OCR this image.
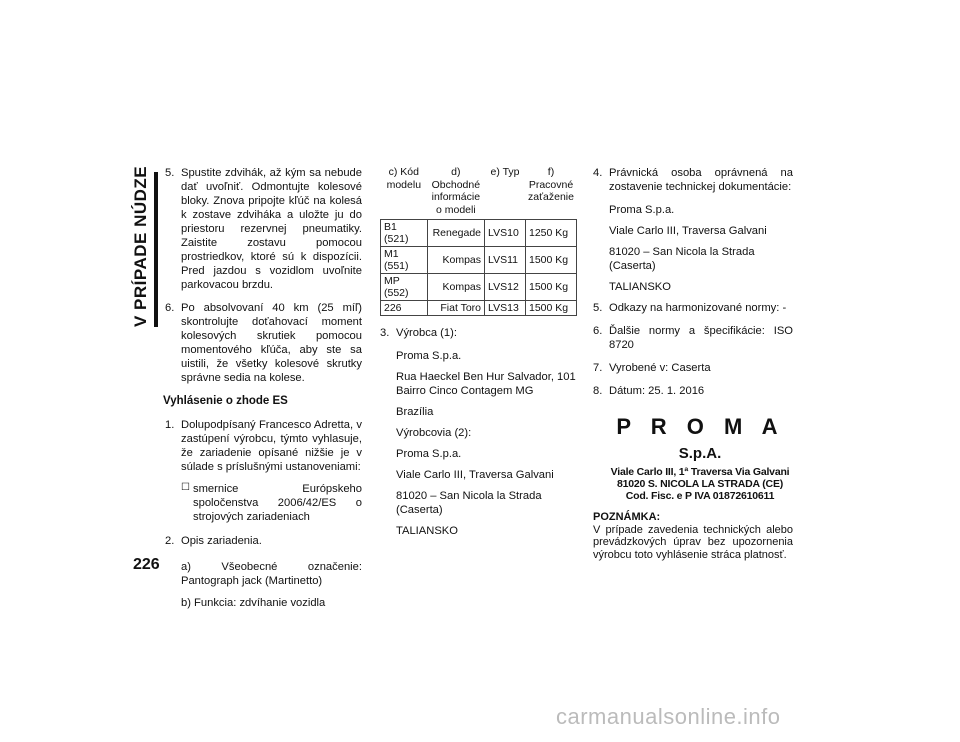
V PRÍPADE NÚDZE
226
5. Spustite zdvihák, až kým sa nebude dať uvoľniť. Odmontujte kolesové bloky. Znova pripojte kľúč na kolesá k zostave zdviháka a uložte ju do priestoru rezervnej pneumatiky. Zaistite zostavu pomocou prostriedkov, ktoré sú k dispozícii. Pred jazdou s vozidlom uvoľnite parkovacou brzdu.
6. Po absolvovaní 40 km (25 míľ) skontrolujte doťahovací moment kolesových skrutiek pomocou momentového kľúča, aby ste sa uistili, že všetky kolesové skrutky správne sedia na kolese.
Vyhlásenie o zhode ES
1. Dolupodpísaný Francesco Adretta, v zastúpení výrobcu, týmto vyhlasuje, že zariadenie opísané nižšie je v súlade s príslušnými ustanoveniami:
☐ smernice Európskeho spoločenstva 2006/42/ES o strojových zariadeniach
2. Opis zariadenia.
a) Všeobecné označenie: Pantograph jack (Martinetto)
b) Funkcia: zdvíhanie vozidla
c) Kód modelu	d) Obchodné informácie o modeli	e) Typ	f) Pracovné zaťaženie
B1 (521)	Renegade	LVS10	1250 Kg
M1 (551)	Kompas	LVS11	1500 Kg
MP (552)	Kompas	LVS12	1500 Kg
226	Fiat Toro	LVS13	1500 Kg
3. Výrobca (1):
Proma S.p.a.
Rua Haeckel Ben Hur Salvador, 101 Bairro Cinco Contagem MG
Brazília
Výrobcovia (2):
Proma S.p.a.
Viale Carlo III, Traversa Galvani
81020 – San Nicola la Strada (Caserta)
TALIANSKO
4. Právnická osoba oprávnená na zostavenie technickej dokumentácie:
Proma S.p.a.
Viale Carlo III, Traversa Galvani
81020 – San Nicola la Strada (Caserta)
TALIANSKO
5. Odkazy na harmonizované normy: -
6. Ďalšie normy a špecifikácie: ISO 8720
7. Vyrobené v: Caserta
8. Dátum: 25. 1. 2016
P R O M A S.p.A.
Viale Carlo III, 1ª Traversa Via Galvani
81020 S. NICOLA LA STRADA (CE)
Cod. Fisc. e P IVA 01872610611
POZNÁMKA:
V prípade zavedenia technických alebo prevádzkových úprav bez upozornenia výrobcu toto vyhlásenie stráca platnosť.
carmanualsonline.info
